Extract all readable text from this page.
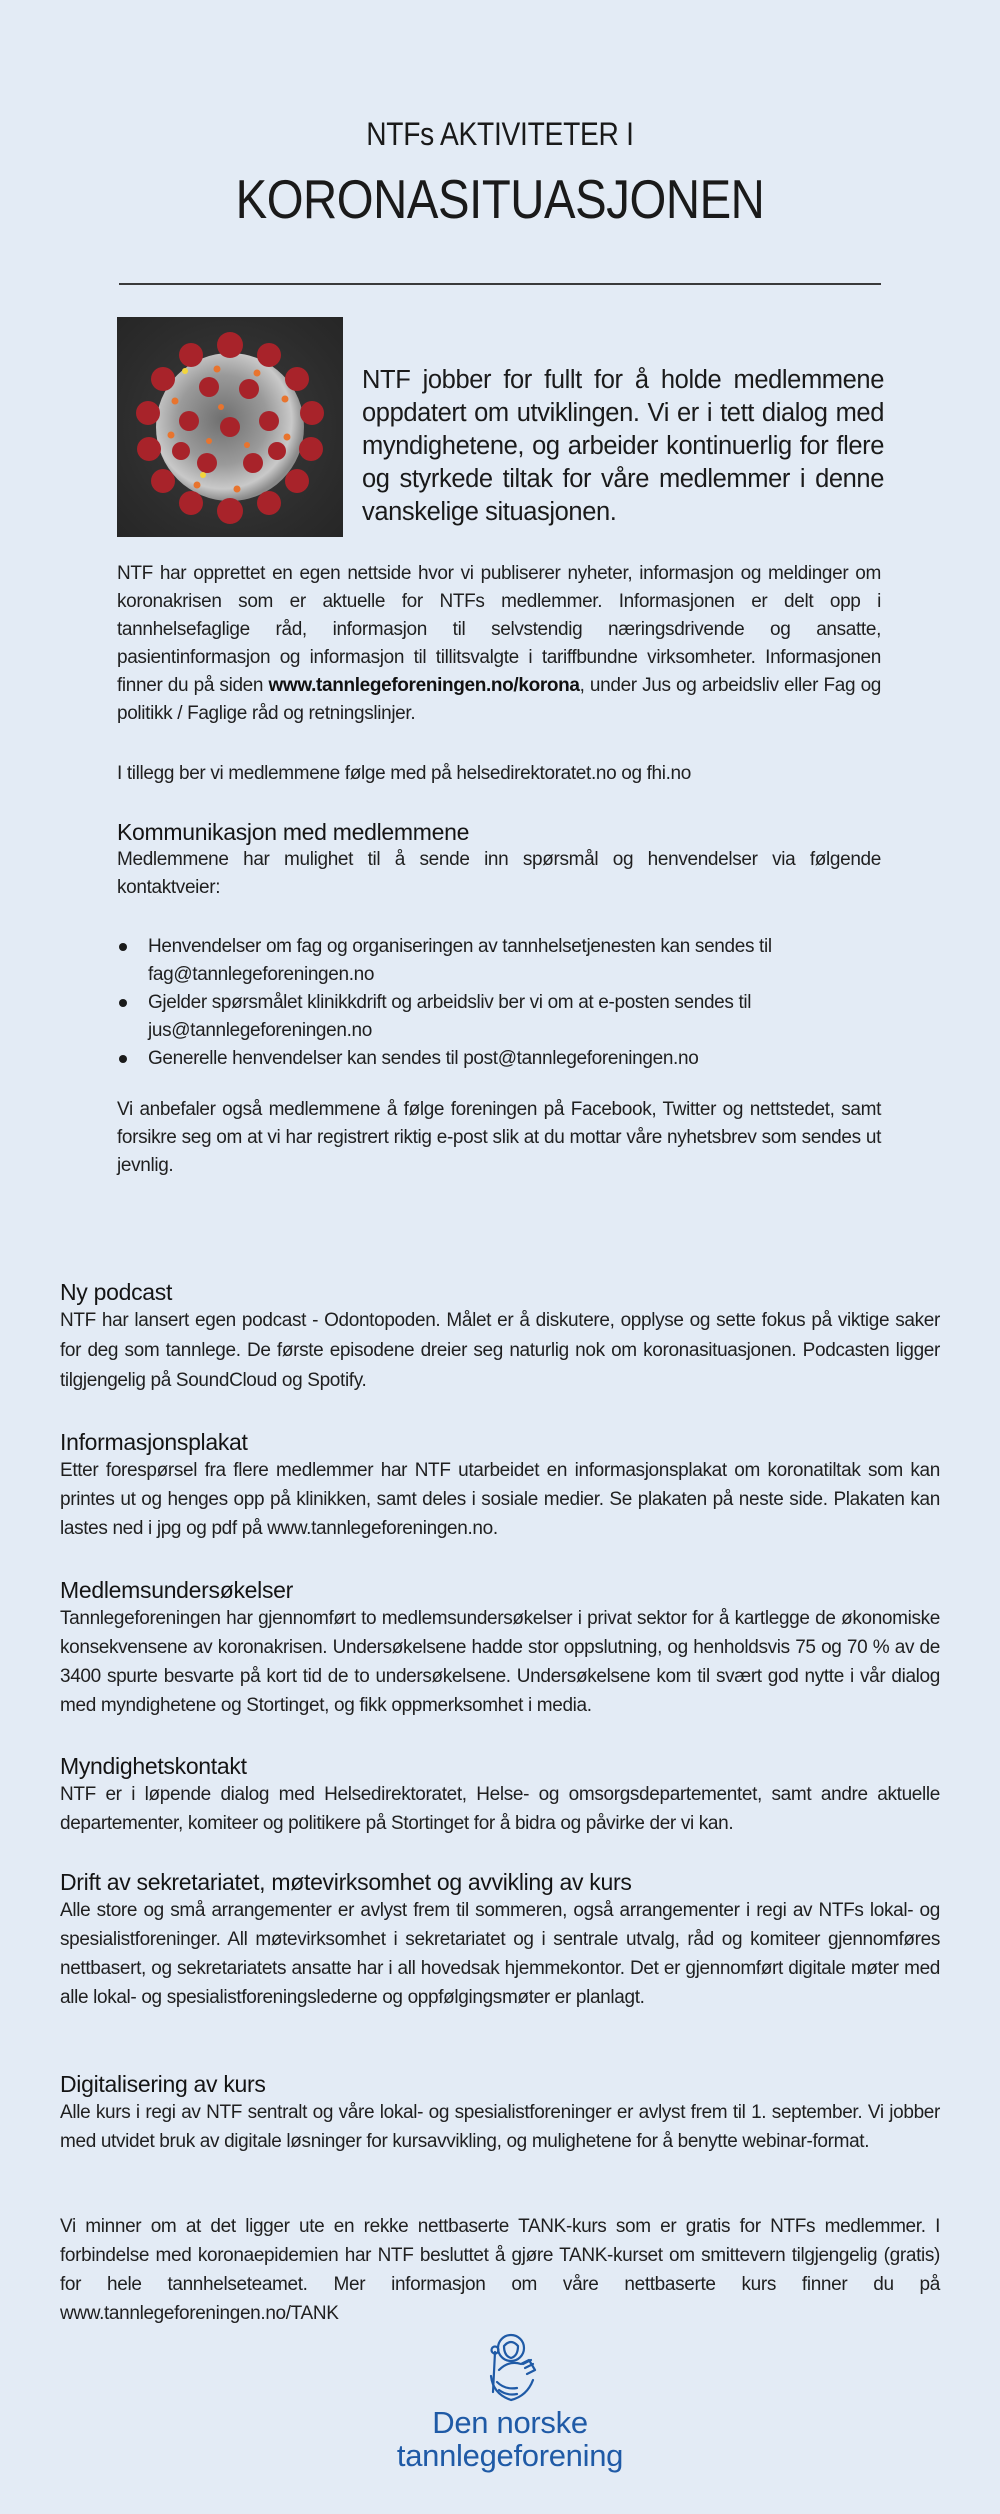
NTFs AKTIVITETER I
KORONASITUASJONEN

NTF jobber for fullt for å holde medlemmene oppdatert om utviklingen. Vi er i tett dialog med myndighetene, og arbeider kontinuerlig for flere og styrkede tiltak for våre medlemmer i denne vanskelige situasjonen.

NTF har opprettet en egen nettside hvor vi publiserer nyheter, informasjon og meldinger om koronakrisen som er aktuelle for NTFs medlemmer. Informasjonen er delt opp i tannhelsefaglige råd, informasjon til selvstendig næringsdrivende og ansatte, pasientinformasjon og informasjon til tillitsvalgte i tariffbundne virksomheter. Informasjonen finner du på siden www.tannlegeforeningen.no/korona, under Jus og arbeidsliv eller Fag og politikk / Faglige råd og retningslinjer.

I tillegg ber vi medlemmene følge med på helsedirektoratet.no og fhi.no

Kommunikasjon med medlemmene

Medlemmene har mulighet til å sende inn spørsmål og henvendelser via følgende kontaktveier:

Henvendelser om fag og organiseringen av tannhelsetjenesten kan sendes til
fag@tannlegeforeningen.no
Gjelder spørsmålet klinikkdrift og arbeidsliv ber vi om at e-posten sendes til
jus@tannlegeforeningen.no
Generelle henvendelser kan sendes til post@tannlegeforeningen.no

Vi anbefaler også medlemmene å følge foreningen på Facebook, Twitter og nettstedet, samt forsikre seg om at vi har registrert riktig e-post slik at du mottar våre nyhetsbrev som sendes ut jevnlig.

Ny podcast

NTF har lansert egen podcast - Odontopoden. Målet er å diskutere, opplyse og sette fokus på viktige saker for deg som tannlege. De første episodene dreier seg naturlig nok om koronasituasjonen. Podcasten ligger tilgjengelig på SoundCloud og Spotify.

Informasjonsplakat

Etter forespørsel fra flere medlemmer har NTF utarbeidet en informasjonsplakat om koronatiltak som kan printes ut og henges opp på klinikken, samt deles i sosiale medier. Se plakaten på neste side. Plakaten kan lastes ned i jpg og pdf på www.tannlegeforeningen.no.

Medlemsundersøkelser

Tannlegeforeningen har gjennomført to medlemsundersøkelser i privat sektor for å kartlegge de økonomiske konsekvensene av koronakrisen. Undersøkelsene hadde stor oppslutning, og henholdsvis 75 og 70 % av de 3400 spurte besvarte på kort tid de to undersøkelsene. Undersøkelsene kom til svært god nytte i vår dialog med myndighetene og Stortinget, og fikk oppmerksomhet i media.

Myndighetskontakt

NTF er i løpende dialog med Helsedirektoratet, Helse- og omsorgsdepartementet, samt andre aktuelle departementer, komiteer og politikere på Stortinget for å bidra og påvirke der vi kan.

Drift av sekretariatet, møtevirksomhet og avvikling av kurs

Alle store og små arrangementer er avlyst frem til sommeren, også arrangementer i regi av NTFs lokal- og spesialistforeninger. All møtevirksomhet i sekretariatet og i sentrale utvalg, råd og komiteer gjennomføres nettbasert, og sekretariatets ansatte har i all hovedsak hjemmekontor. Det er gjennomført digitale møter med alle lokal- og spesialistforeningslederne og oppfølgingsmøter er planlagt.

Digitalisering av kurs

Alle kurs i regi av NTF sentralt og våre lokal- og spesialistforeninger er avlyst frem til 1. september. Vi jobber med utvidet bruk av digitale løsninger for kursavvikling, og mulighetene for å benytte webinar-format.

Vi minner om at det ligger ute en rekke nettbaserte TANK-kurs som er gratis for NTFs medlemmer. I forbindelse med koronaepidemien har NTF besluttet å gjøre TANK-kurset om smittevern tilgjengelig (gratis) for hele tannhelseteamet. Mer informasjon om våre nettbaserte kurs finner du på www.tannlegeforeningen.no/TANK

Den norske
tannlegeforening
